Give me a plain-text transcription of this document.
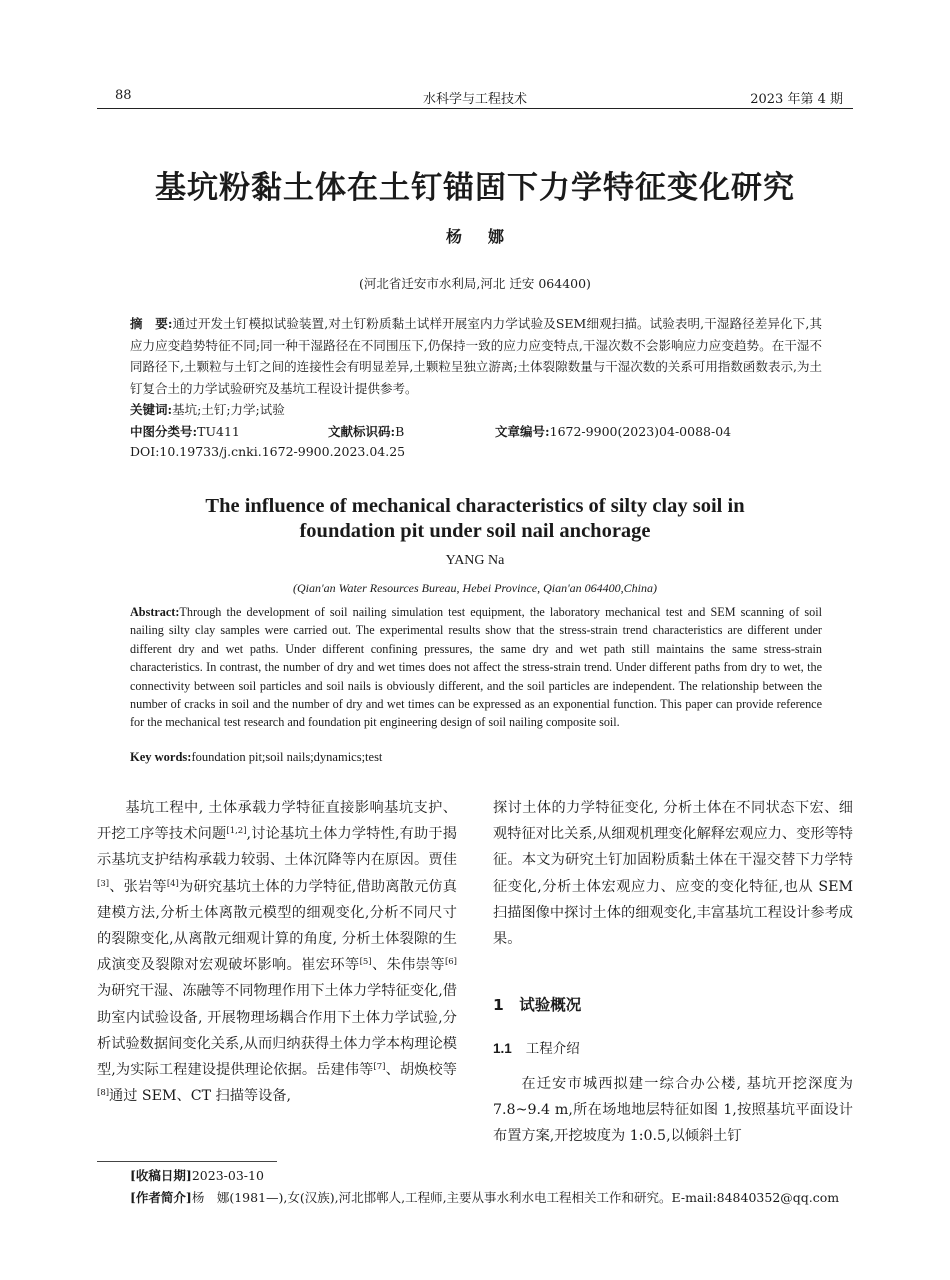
88	水科学与工程技术	2023 年第 4 期
基坑粉黏土体在土钉锚固下力学特征变化研究
杨娜
(河北省迁安市水利局,河北 迁安 064400)
摘　要:通过开发土钉模拟试验装置,对土钉粉质黏土试样开展室内力学试验及SEM细观扫描。试验表明,干湿路径差异化下,其应力应变趋势特征不同;同一种干湿路径在不同围压下,仍保持一致的应力应变特点,干湿次数不会影响应力应变趋势。在干湿不同路径下,土颗粒与土钉之间的连接性会有明显差异,土颗粒呈独立游离;土体裂隙数量与干湿次数的关系可用指数函数表示,为土钉复合土的力学试验研究及基坑工程设计提供参考。
关键词:基坑;土钉;力学;试验
中图分类号:TU411	文献标识码:B	文章编号:1672-9900(2023)04-0088-04
DOI:10.19733/j.cnki.1672-9900.2023.04.25
The influence of mechanical characteristics of silty clay soil in
foundation pit under soil nail anchorage
YANG Na
(Qian'an Water Resources Bureau, Hebei Province, Qian'an 064400,China)
Abstract:Through the development of soil nailing simulation test equipment, the laboratory mechanical test and SEM scanning of soil nailing silty clay samples were carried out. The experimental results show that the stress-strain trend characteristics are different under different dry and wet paths. Under different confining pressures, the same dry and wet path still maintains the same stress-strain characteristics. In contrast, the number of dry and wet times does not affect the stress-strain trend. Under different paths from dry to wet, the connectivity between soil particles and soil nails is obviously different, and the soil particles are independent. The relationship between the number of cracks in soil and the number of dry and wet times can be expressed as an exponential function. This paper can provide reference for the mechanical test research and foundation pit engineering design of soil nailing composite soil.
Key words:foundation pit;soil nails;dynamics;test

基坑工程中, 土体承载力学特征直接影响基坑支护、开挖工序等技术问题[1,2],讨论基坑土体力学特性,有助于揭示基坑支护结构承载力较弱、土体沉降等内在原因。贾佳[3]、张岩等[4]为研究基坑土体的力学特征,借助离散元仿真建模方法,分析土体离散元模型的细观变化,分析不同尺寸的裂隙变化,从离散元细观计算的角度, 分析土体裂隙的生成演变及裂隙对宏观破坏影响。崔宏环等[5]、朱伟崇等[6]为研究干湿、冻融等不同物理作用下土体力学特征变化,借助室内试验设备, 开展物理场耦合作用下土体力学试验,分析试验数据间变化关系,从而归纳获得土体力学本构理论模型,为实际工程建设提供理论依据。岳建伟等[7]、胡焕校等[8]通过 SEM、CT 扫描等设备,

探讨土体的力学特征变化, 分析土体在不同状态下宏、细观特征对比关系,从细观机理变化解释宏观应力、变形等特征。本文为研究土钉加固粉质黏土体在干湿交替下力学特征变化,分析土体宏观应力、应变的变化特征,也从 SEM 扫描图像中探讨土体的细观变化,丰富基坑工程设计参考成果。

在迁安市城西拟建一综合办公楼, 基坑开挖深度为 7.8~9.4 m,所在场地地层特征如图 1,按照基坑平面设计布置方案,开挖坡度为 1:0.5,以倾斜土钉

1　试验概况
1.1 工程介绍
[收稿日期]2023-03-10
[作者简介]杨　娜(1981—),女(汉族),河北邯郸人,工程师,主要从事水利水电工程相关工作和研究。E-mail:84840352@qq.com
